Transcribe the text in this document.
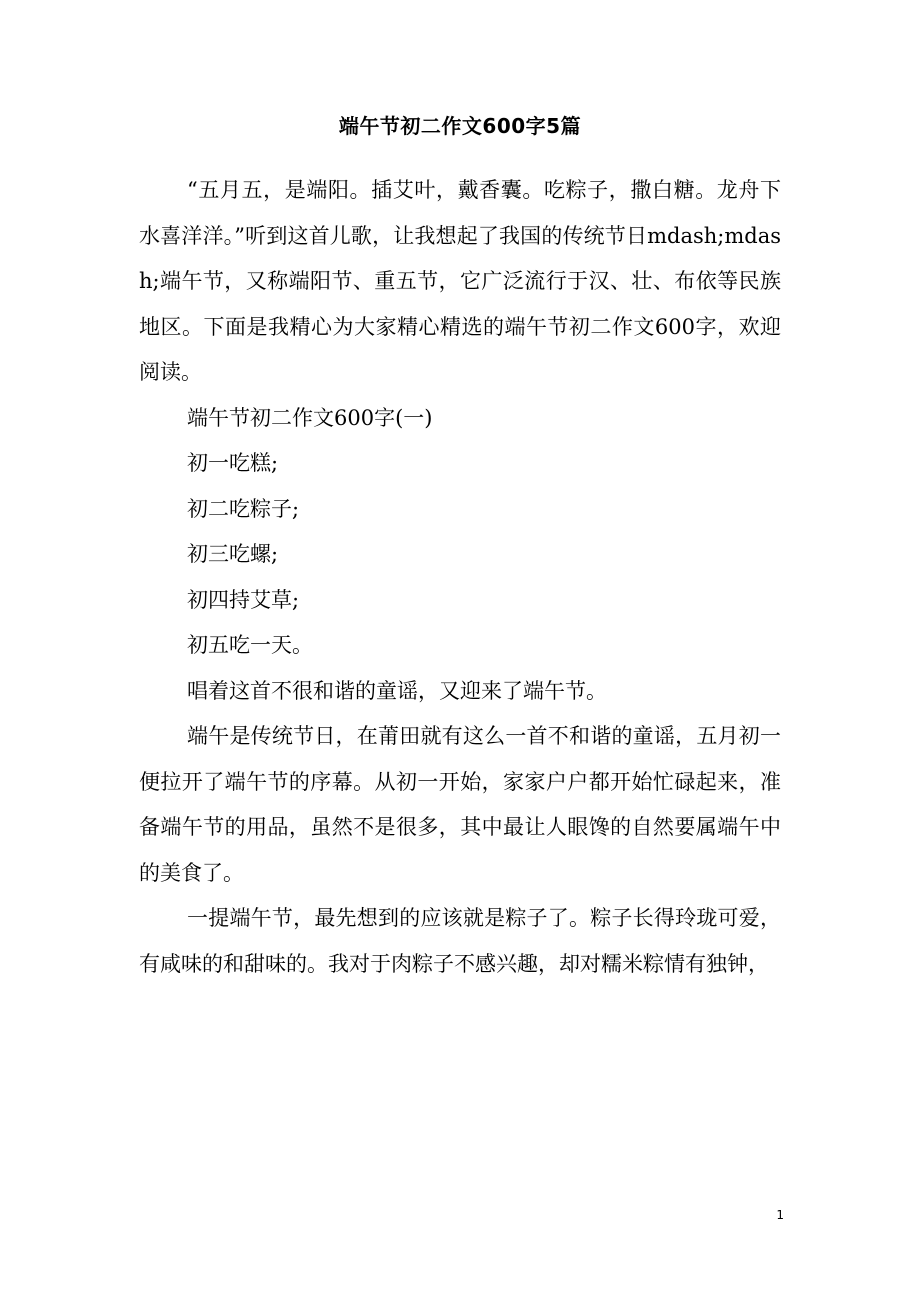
端午节初二作文600字5篇

“五月五，是端阳。插艾叶，戴香囊。吃粽子，撒白糖。龙舟下水喜洋洋。”听到这首儿歌，让我想起了我国的传统节日mdash;mdash;端午节，又称端阳节、重五节，它广泛流行于汉、壮、布依等民族地区。下面是我精心为大家精心精选的端午节初二作文600字，欢迎阅读。

端午节初二作文600字(一)

初一吃糕;

初二吃粽子;

初三吃螺;

初四持艾草;

初五吃一天。

唱着这首不很和谐的童谣，又迎来了端午节。

端午是传统节日，在莆田就有这么一首不和谐的童谣，五月初一便拉开了端午节的序幕。从初一开始，家家户户都开始忙碌起来，准备端午节的用品，虽然不是很多，其中最让人眼馋的自然要属端午中的美食了。

一提端午节，最先想到的应该就是粽子了。粽子长得玲珑可爱，有咸味的和甜味的。我对于肉粽子不感兴趣，却对糯米粽情有独钟，

1
